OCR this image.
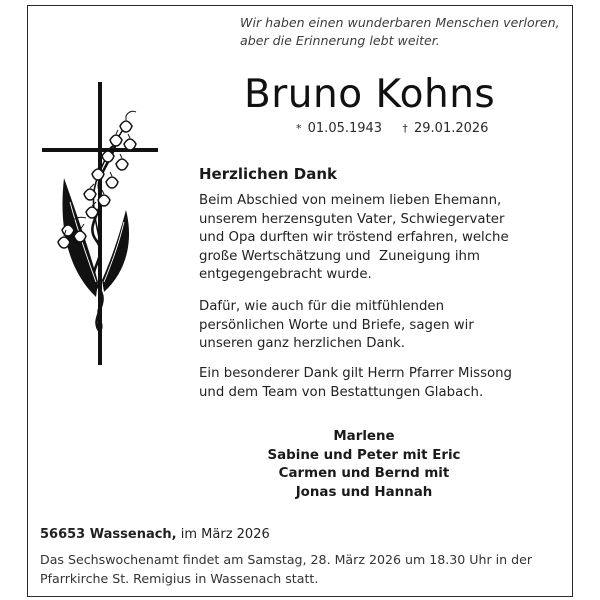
Wir haben einen wunderbaren Menschen verloren,
aber die Erinnerung lebt weiter.
Bruno Kohns
* 01.05.1943 † 29.01.2026
Herzlichen Dank
Beim Abschied von meinem lieben Ehemann,
unserem herzensguten Vater, Schwiegervater
und Opa durften wir tröstend erfahren, welche
große Wertschätzung und  Zuneigung ihm
entgegengebracht wurde.
Dafür, wie auch für die mitfühlenden
persönlichen Worte und Briefe, sagen wir
unseren ganz herzlichen Dank.
Ein besonderer Dank gilt Herrn Pfarrer Missong
und dem Team von Bestattungen Glabach.
Marlene
Sabine und Peter mit Eric
Carmen und Bernd mit
Jonas und Hannah
56653 Wassenach, im März 2026
Das Sechswochenamt findet am Samstag, 28. März 2026 um 18.30 Uhr in der
Pfarrkirche St. Remigius in Wassenach statt.
